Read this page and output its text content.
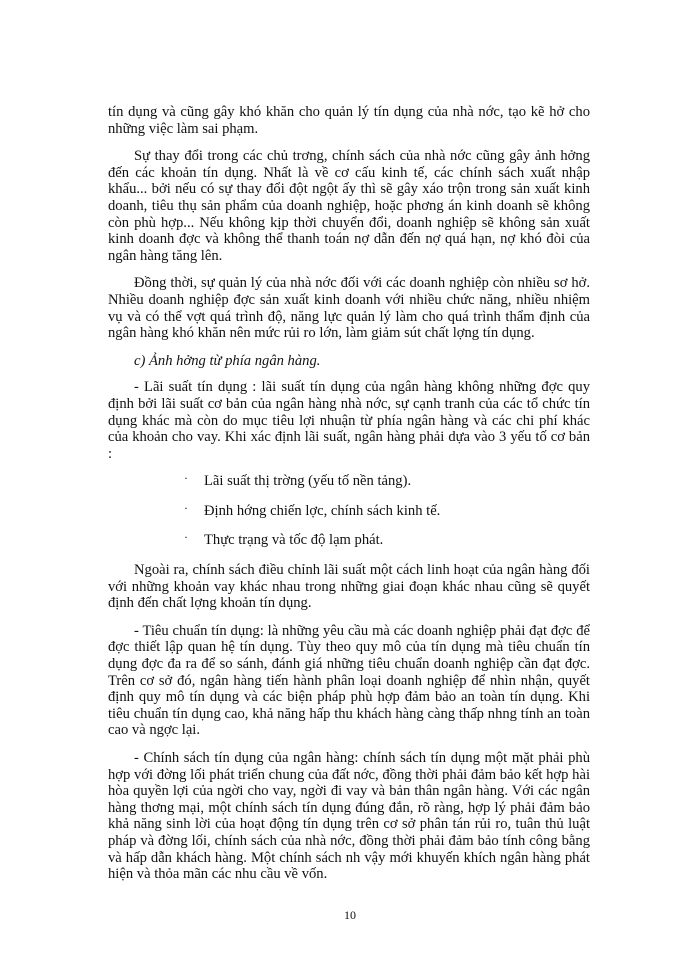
tín dụng và cũng gây khó khăn cho quản lý tín dụng của nhà nớc, tạo kẽ hở cho những việc làm sai phạm.

Sự thay đổi trong các chủ trơng, chính sách của nhà nớc cũng gây ảnh hởng đến các khoản tín dụng. Nhất là về cơ cấu kinh tế, các chính sách xuất nhập khẩu... bởi nếu có sự thay đổi đột ngột ấy thì sẽ gây xáo trộn trong sản xuất kinh doanh, tiêu thụ sản phẩm của doanh nghiệp, hoặc phơng án kinh doanh sẽ không còn phù hợp... Nếu không kịp thời chuyển đổi, doanh nghiệp sẽ không sản xuất kinh doanh đợc và không thể thanh toán nợ dẫn đến nợ quá hạn, nợ khó đòi của ngân hàng tăng lên.

Đồng thời, sự quản lý của nhà nớc đối với các doanh nghiệp còn nhiều sơ hở. Nhiều doanh nghiệp đợc sản xuất kinh doanh với nhiều chức năng, nhiều nhiệm vụ và có thể vợt quá trình độ, năng lực quản lý làm cho quá trình thẩm định của ngân hàng khó khăn nên mức rủi ro lớn, làm giảm sút chất lợng tín dụng.

c) Ảnh hởng từ phía ngân hàng.

- Lãi suất tín dụng : lãi suất tín dụng của ngân hàng không những đợc quy định bởi lãi suất cơ bản của ngân hàng nhà nớc, sự cạnh tranh của các tổ chức tín dụng khác mà còn do mục tiêu lợi nhuận từ phía ngân hàng và các chi phí khác của khoản cho vay. Khi xác định lãi suất, ngân hàng phải dựa vào 3 yếu tố cơ bản :

· Lãi suất thị trờng (yếu tố nền tảng).
· Định hớng chiến lợc, chính sách kinh tế.
· Thực trạng và tốc độ lạm phát.

Ngoài ra, chính sách điều chỉnh lãi suất một cách linh hoạt của ngân hàng đối với những khoản vay khác nhau trong những giai đoạn khác nhau cũng sẽ quyết định đến chất lợng khoản tín dụng.

- Tiêu chuẩn tín dụng: là những yêu cầu mà các doanh nghiệp phải đạt đợc để đợc thiết lập quan hệ tín dụng. Tùy theo quy mô của tín dụng mà tiêu chuẩn tín dụng đợc đa ra để so sánh, đánh giá những tiêu chuẩn doanh nghiệp cần đạt đợc. Trên cơ sở đó, ngân hàng tiến hành phân loại doanh nghiệp để nhìn nhận, quyết định quy mô tín dụng và các biện pháp phù hợp đảm bảo an toàn tín dụng. Khi tiêu chuẩn tín dụng cao, khả năng hấp thu khách hàng càng thấp nhng tính an toàn cao và ngợc lại.

- Chính sách tín dụng của ngân hàng: chính sách tín dụng một mặt phải phù hợp với đờng lối phát triển chung của đất nớc, đồng thời phải đảm bảo kết hợp hài hòa quyền lợi của ngời cho vay, ngời đi vay và bản thân ngân hàng. Với các ngân hàng thơng mại, một chính sách tín dụng đúng đắn, rõ ràng, hợp lý phải đảm bảo khả năng sinh lời của hoạt động tín dụng trên cơ sở phân tán rủi ro, tuân thủ luật pháp và đờng lối, chính sách của nhà nớc, đồng thời phải đảm bảo tính công bằng và hấp dẫn khách hàng. Một chính sách nh vậy mới khuyến khích ngân hàng phát hiện và thỏa mãn các nhu cầu về vốn.

10
